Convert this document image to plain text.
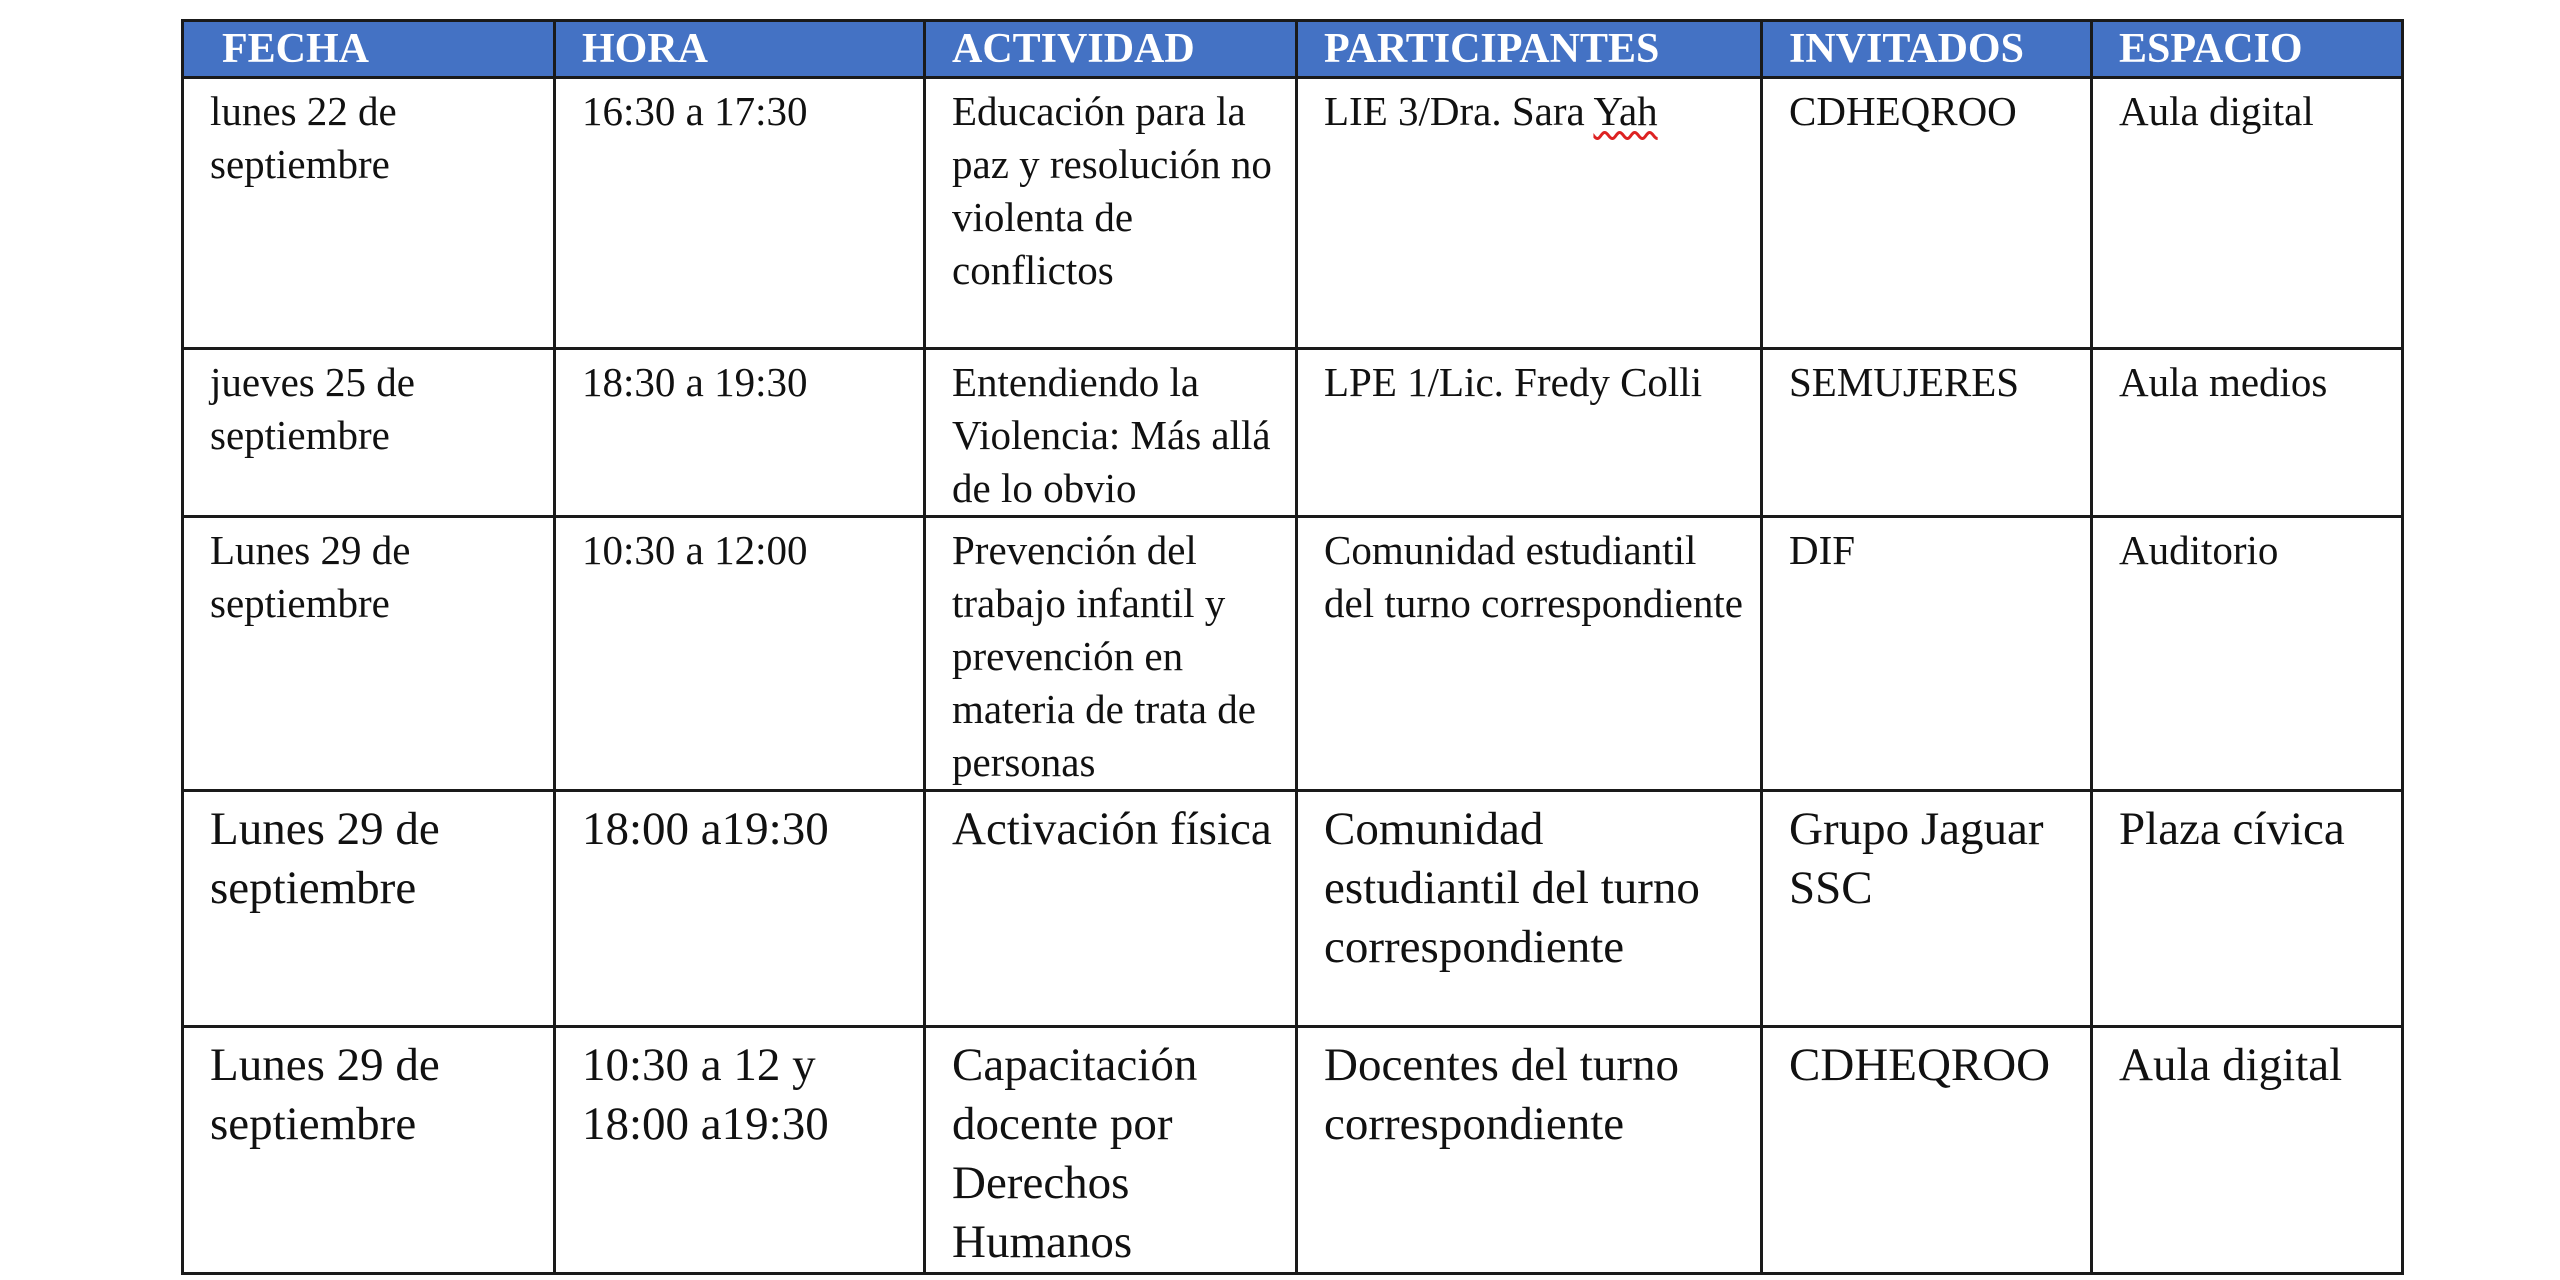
FECHA	HORA	ACTIVIDAD	PARTICIPANTES	INVITADOS	ESPACIO

lunes 22 de septiembre	16:30 a 17:30	Educación para la paz y resolución no violenta de conflictos	LIE 3/Dra. Sara Yah	CDHEQROO	Aula digital

jueves 25 de septiembre	18:30 a 19:30	Entendiendo la Violencia: Más allá de lo obvio	LPE 1/Lic. Fredy Colli	SEMUJERES	Aula medios

Lunes 29 de septiembre	10:30 a 12:00	Prevención del trabajo infantil y prevención en materia de trata de personas	Comunidad estudiantil del turno correspondiente	DIF	Auditorio

Lunes 29 de septiembre	18:00 a19:30	Activación física	Comunidad estudiantil del turno correspondiente	Grupo Jaguar SSC	Plaza cívica

Lunes 29 de septiembre	10:30 a 12 y
18:00 a19:30	Capacitación docente por Derechos Humanos	Docentes del turno correspondiente	CDHEQROO	Aula digital
